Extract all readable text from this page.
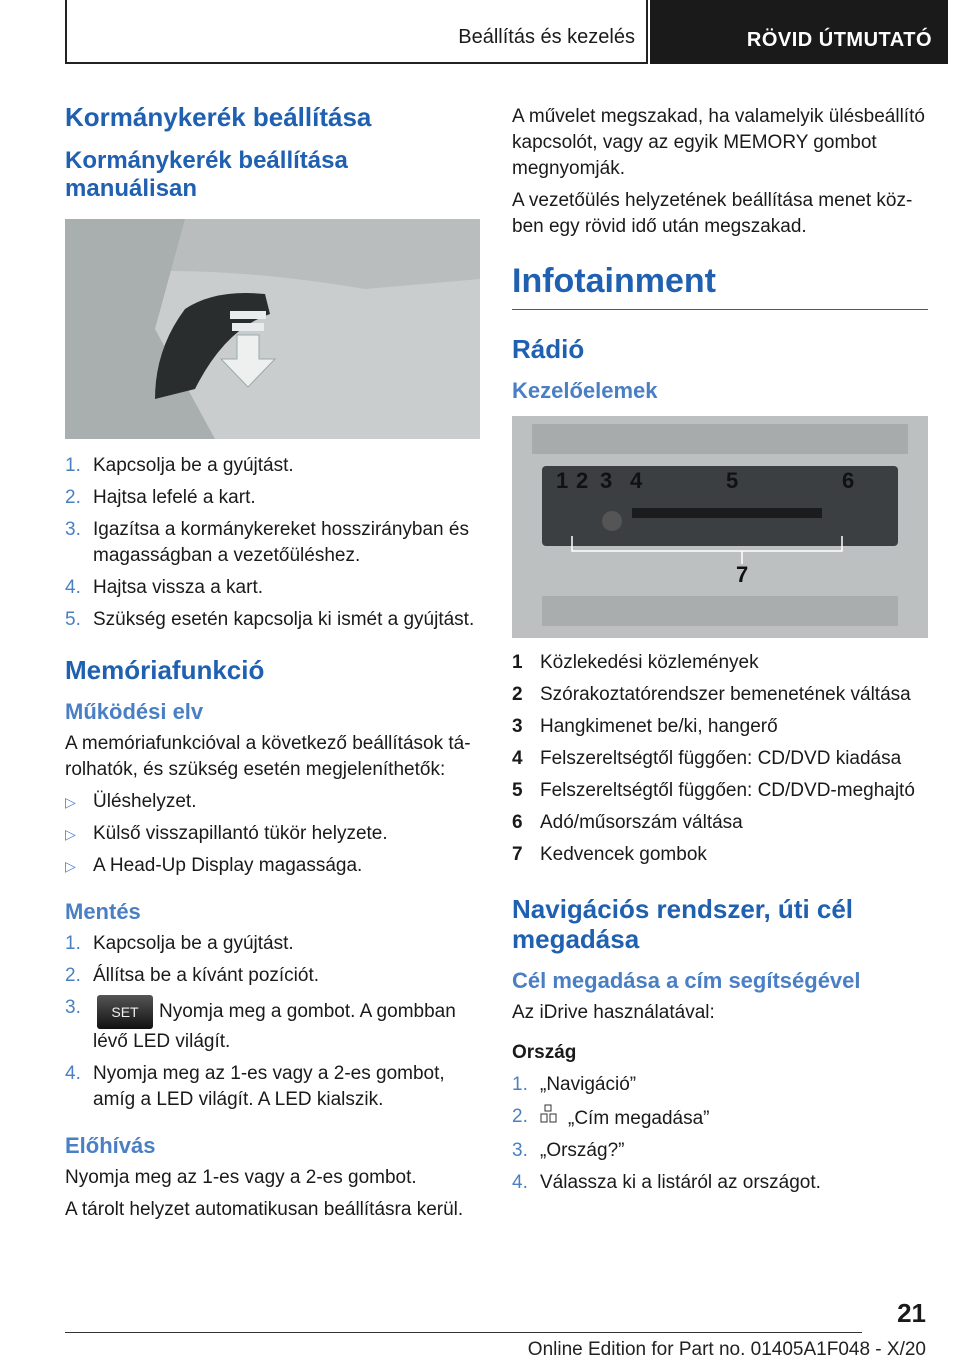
Beállítás és kezelés	RÖVID ÚTMUTATÓ
Kormánykerék beállítása
Kormánykerék beállítása manuálisan
1. Kapcsolja be a gyújtást.
2. Hajtsa lefelé a kart.
3. Igazítsa a kormánykereket hosszirányban és magasságban a vezetőüléshez.
4. Hajtsa vissza a kart.
5. Szükség esetén kapcsolja ki ismét a gyújtást.
Memóriafunkció
Működési elv

A memóriafunkcióval a következő beállítások tá-rolhatók, és szükség esetén megjeleníthetők:

▷ Üléshelyzet.
▷ Külső visszapillantó tükör helyzete.
▷ A Head-Up Display magassága.
Mentés
1. Kapcsolja be a gyújtást.
2. Állítsa be a kívánt pozíciót.
3. SET Nyomja meg a gombot. A gombban lévő LED világít.
4. Nyomja meg az 1-es vagy a 2-es gombot, amíg a LED világít. A LED kialszik.
Előhívás

Nyomja meg az 1-es vagy a 2-es gombot.

A tárolt helyzet automatikusan beállításra kerül.

A művelet megszakad, ha valamelyik ülésbeállító kapcsolót, vagy az egyik MEMORY gombot megnyomják.

A vezetőülés helyzetének beállítása menet köz-ben egy rövid idő után megszakad.

Infotainment
Rádió
Kezelőelemek
1 2 3 4	5	6
7
1 Közlekedési közlemények
2 Szórakoztatórendszer bemenetének váltása
3 Hangkimenet be/ki, hangerő
4 Felszereltségtől függően: CD/DVD kiadása
5 Felszereltségtől függően: CD/DVD-meghajtó
6 Adó/műsorszám váltása
7 Kedvencek gombok
Navigációs rendszer, úti cél megadása
Cél megadása a cím segítségével

Az iDrive használatával:

Ország

1. „Navigáció”
2. „Cím megadása”
3. „Ország?”
4. Válassza ki a listáról az országot.
21
Online Edition for Part no. 01405A1F048 - X/20
